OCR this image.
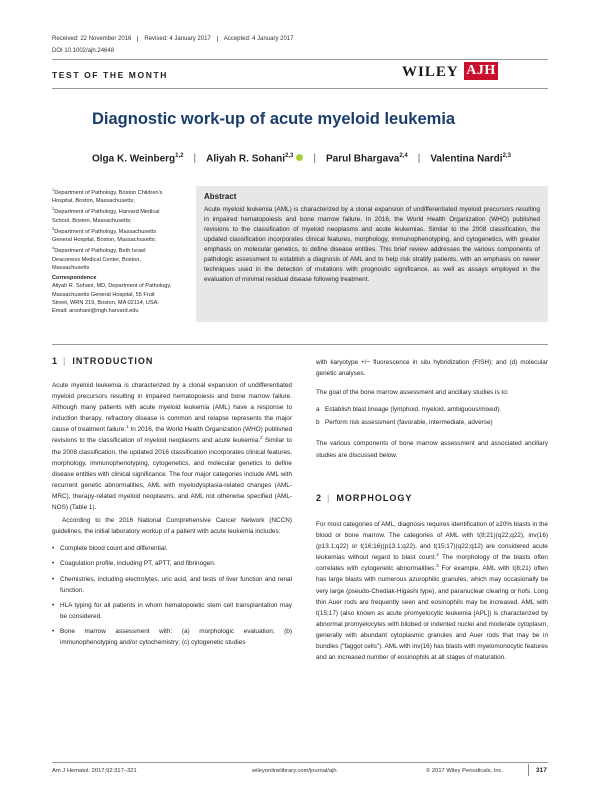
Received: 22 November 2016	Revised: 4 January 2017	Accepted: 4 January 2017
DOI 10.1002/ajh.24648
TEST OF THE MONTH	WILEY AJH
Diagnostic work-up of acute myeloid leukemia
Olga K. Weinberg$^{1,2}$ | Aliyah R. Sohani$^{2,3}$ | Parul Bhargava$^{2,4}$ | Valentina Nardi$^{2,3}$

$^1$Department of Pathology, Boston Children's Hospital, Boston, Massachusetts;

$^2$Department of Pathology, Harvard Medical School, Boston, Massachusetts;

$^3$Department of Pathology, Massachusetts General Hospital, Boston, Massachusetts;

$^4$Department of Pathology, Beth Israel Deaconess Medical Center, Boston, Massachusetts

Correspondence

Aliyah R. Sohani, MD, Department of Pathology, Massachusetts General Hospital, 55 Fruit Street, WRN 219, Boston, MA 02114, USA.

Email: arsohani@mgh.harvard.edu

Abstract

Acute myeloid leukemia (AML) is characterized by a clonal expansion of undifferentiated myeloid precursors resulting in impaired hematopoiesis and bone marrow failure. In 2016, the World Health Organization (WHO) published revisions to the classification of myeloid neoplasms and acute leukemias. Similar to the 2008 classification, the updated classification incorporates clinical features, morphology, immunophenotyping, and cytogenetics, with greater emphasis on molecular genetics, to define disease entities. This brief review addresses the various components of pathologic assessment to establish a diagnosis of AML and to help risk stratify patients, with an emphasis on newer techniques used in the detection of mutations with prognostic significance, as well as assays employed in the evaluation of minimal residual disease following treatment.

1 | INTRODUCTION

Acute myeloid leukemia is characterized by a clonal expansion of undifferentiated myeloid precursors resulting in impaired hematopoiesis and bone marrow failure. Although many patients with acute myeloid leukemia (AML) have a response to induction therapy, refractory disease is common and relapse represents the major cause of treatment failure.$^1$ In 2016, the World Health Organization (WHO) published revisions to the classification of myeloid neoplasms and acute leukemia.$^2$ Similar to the 2008 classification, the updated 2016 classification incorporates clinical features, morphology, immunophenotyping, cytogenetics, and molecular genetics to define disease entities with clinical significance. The four major categories include AML with recurrent genetic abnormalities, AML with myelodysplasia-related changes (AML-MRC), therapy-related myeloid neoplasms, and AML not otherwise specified (AML-NOS) (Table 1).

According to the 2016 National Comprehensive Cancer Network (NCCN) guidelines, the initial laboratory workup of a patient with acute leukemia includes:

• Complete blood count and differential.
• Coagulation profile, including PT, aPTT, and fibrinogen.
• Chemistries, including electrolytes, uric acid, and tests of liver function and renal function.
• HLA typing for all patients in whom hematopoietic stem cell transplantation may be considered.
• Bone marrow assessment with: (a) morphologic evaluation; (b) immunophenotyping and/or cytochemistry; (c) cytogenetic studies

with karyotype +/− fluorescence in situ hybridization (FISH); and (d) molecular genetic analyses.

The goal of the bone marrow assessment and ancillary studies is to:

a Establish blast lineage (lymphoid, myeloid, ambiguous/mixed).
b Perform risk assessment (favorable, intermediate, adverse)

The various components of bone marrow assessment and associated ancillary studies are discussed below.

2 | MORPHOLOGY

For most categories of AML, diagnosis requires identification of ≥20% blasts in the blood or bone marrow. The categories of AML with t(8;21)(q22;q22), inv(16)(p13.1;q22) or t(16;16)(p13.1;q22), and t(15;17)(q22;q12) are considered acute leukemias without regard to blast count.$^2$ The morphology of the blasts often correlates with cytogenetic abnormalities.$^3$ For example, AML with t(8;21) often has large blasts with numerous azurophilic granules, which may occasionally be very large (pseudo-Chediak-Higashi type), and paranuclear clearing or hofs. Long thin Auer rods are frequently seen and eosinophils may be increased. AML with t(15;17) (also known as acute promyelocytic leukemia [APL]) is characterized by abnormal promyelocytes with bilobed or indented nuclei and moderate cytoplasm, generally with abundant cytoplasmic granules and Auer rods that may be in bundles ("faggot cells"). AML with inv(16) has blasts with myelomonocytic features and an increased number of eosinophils at all stages of maturation.

Am J Hematol. 2017;92:317–321	wileyonlinelibrary.com/journal/ajh	© 2017 Wiley Periodicals, Inc.	317
